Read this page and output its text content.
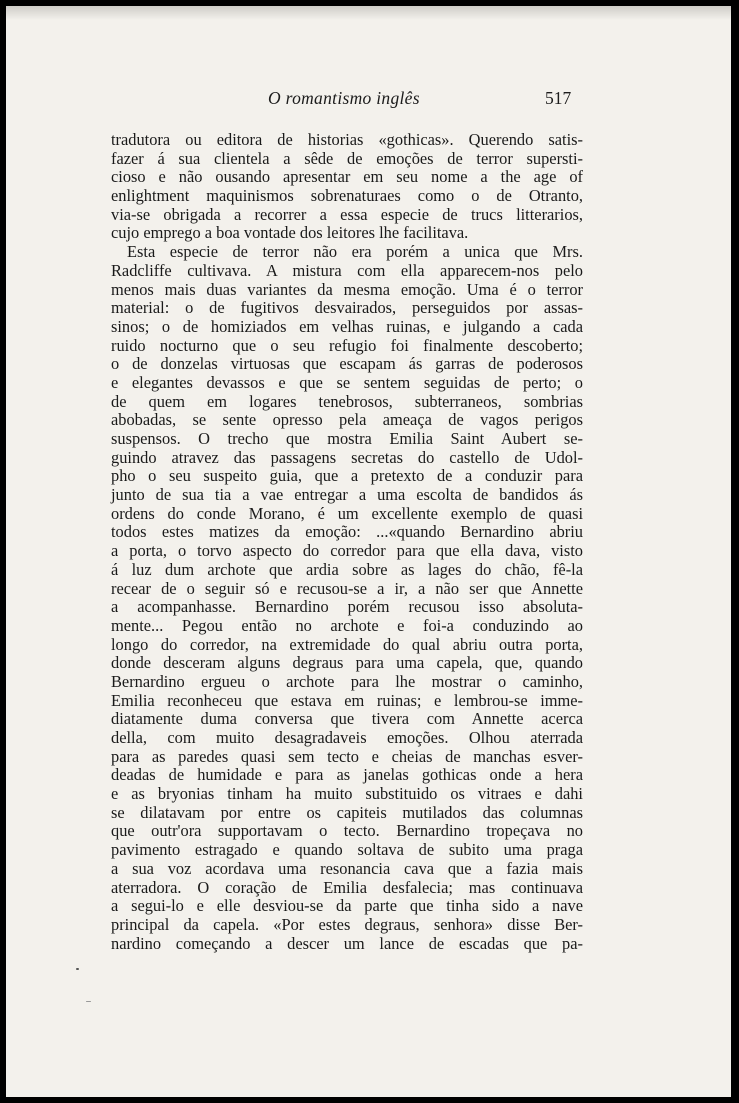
O romantismo inglês	517
tradutora ou editora de historias «gothicas». Querendo satis-
fazer á sua clientela a sêde de emoções de terror supersti-
cioso e não ousando apresentar em seu nome a the age of
enlightment maquinismos sobrenaturaes como o de Otranto,
via-se obrigada a recorrer a essa especie de trucs litterarios,
cujo emprego a boa vontade dos leitores lhe facilitava.
Esta especie de terror não era porém a unica que Mrs.
Radcliffe cultivava. A mistura com ella apparecem-nos pelo
menos mais duas variantes da mesma emoção. Uma é o terror
material: o de fugitivos desvairados, perseguidos por assas-
sinos; o de homiziados em velhas ruinas, e julgando a cada
ruido nocturno que o seu refugio foi finalmente descoberto;
o de donzelas virtuosas que escapam ás garras de poderosos
e elegantes devassos e que se sentem seguidas de perto; o
de quem em logares tenebrosos, subterraneos, sombrias
abobadas, se sente opresso pela ameaça de vagos perigos
suspensos. O trecho que mostra Emilia Saint Aubert se-
guindo atravez das passagens secretas do castello de Udol-
pho o seu suspeito guia, que a pretexto de a conduzir para
junto de sua tia a vae entregar a uma escolta de bandidos ás
ordens do conde Morano, é um excellente exemplo de quasi
todos estes matizes da emoção: ...«quando Bernardino abriu
a porta, o torvo aspecto do corredor para que ella dava, visto
á luz dum archote que ardia sobre as lages do chão, fê-la
recear de o seguir só e recusou-se a ir, a não ser que Annette
a acompanhasse. Bernardino porém recusou isso absoluta-
mente... Pegou então no archote e foi-a conduzindo ao
longo do corredor, na extremidade do qual abriu outra porta,
donde desceram alguns degraus para uma capela, que, quando
Bernardino ergueu o archote para lhe mostrar o caminho,
Emilia reconheceu que estava em ruinas; e lembrou-se imme-
diatamente duma conversa que tivera com Annette acerca
della, com muito desagradaveis emoções. Olhou aterrada
para as paredes quasi sem tecto e cheias de manchas esver-
deadas de humidade e para as janelas gothicas onde a hera
e as bryonias tinham ha muito substituido os vitraes e dahi
se dilatavam por entre os capiteis mutilados das columnas
que outr'ora supportavam o tecto. Bernardino tropeçava no
pavimento estragado e quando soltava de subito uma praga
a sua voz acordava uma resonancia cava que a fazia mais
aterradora. O coração de Emilia desfalecia; mas continuava
a segui-lo e elle desviou-se da parte que tinha sido a nave
principal da capela. «Por estes degraus, senhora» disse Ber-
nardino começando a descer um lance de escadas que pa-
